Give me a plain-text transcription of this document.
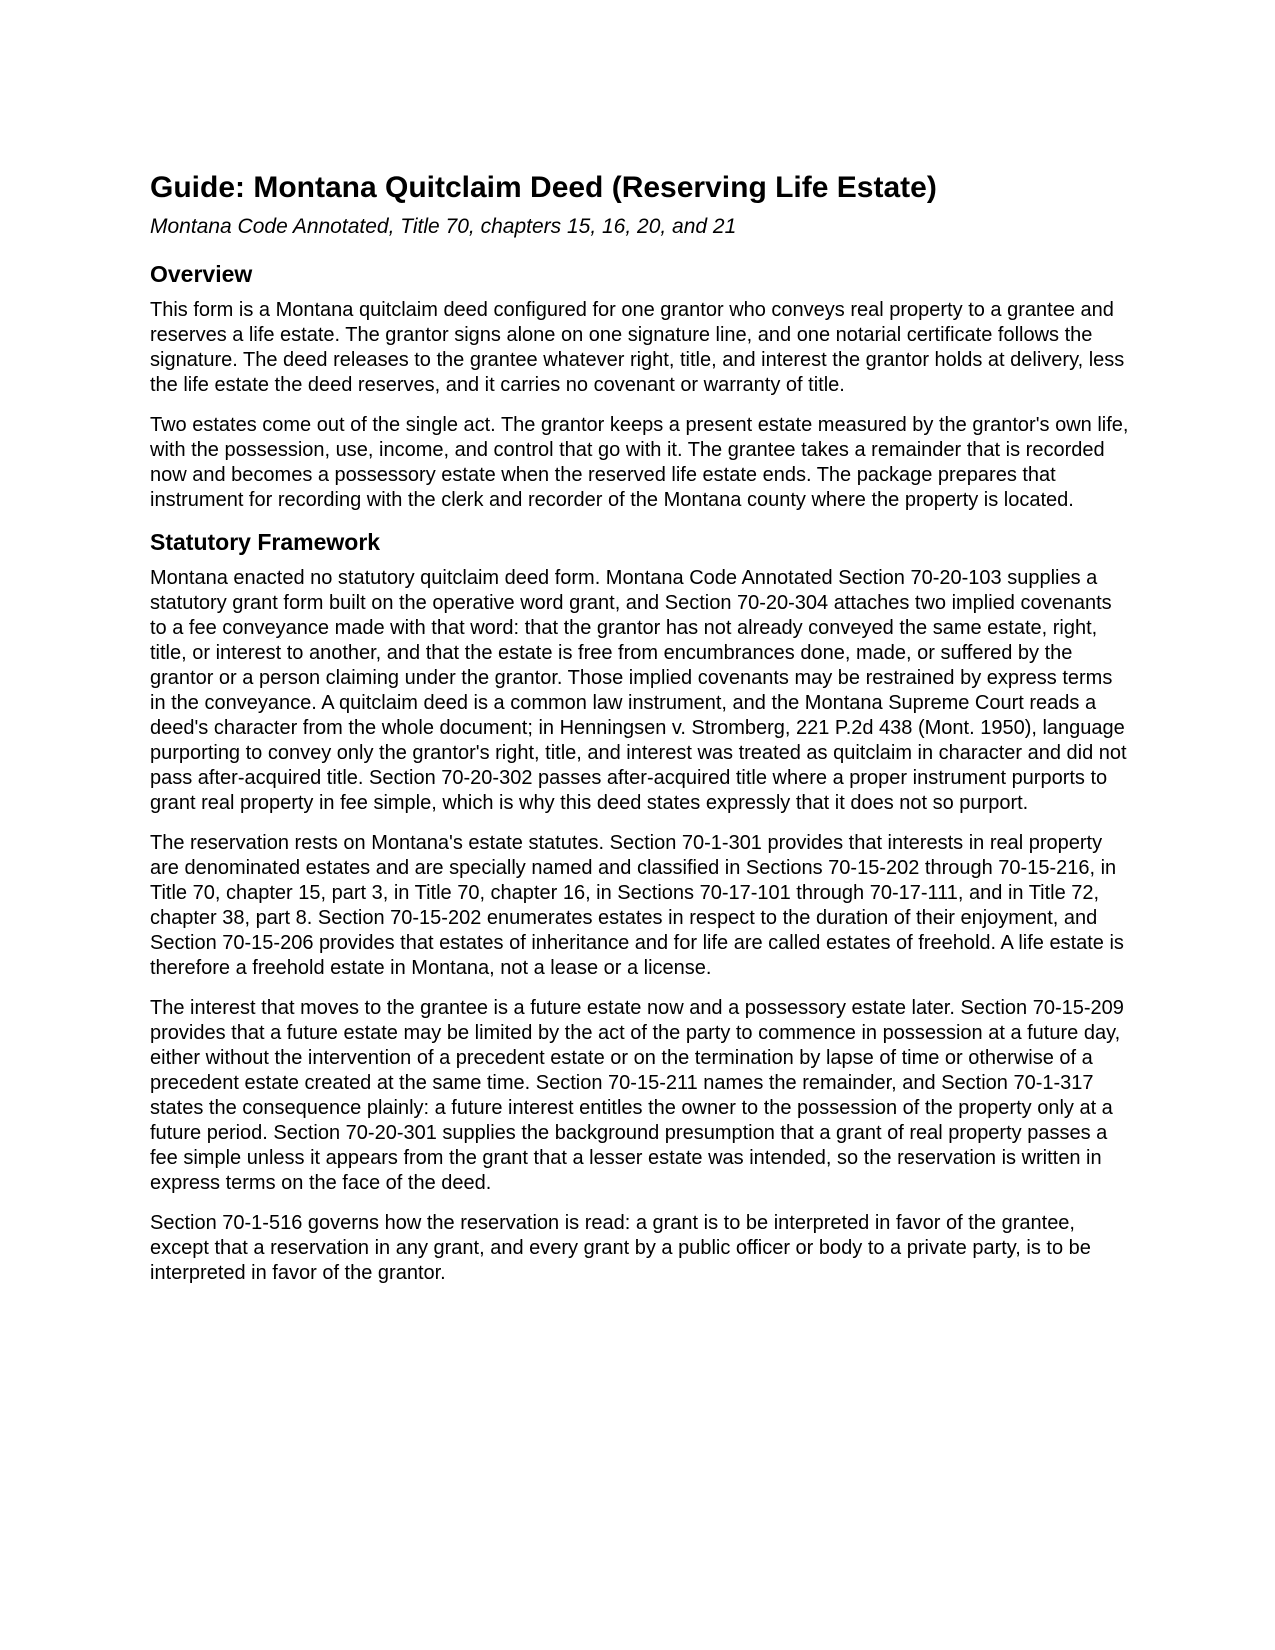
Guide: Montana Quitclaim Deed (Reserving Life Estate)
Montana Code Annotated, Title 70, chapters 15, 16, 20, and 21
Overview

This form is a Montana quitclaim deed configured for one grantor who conveys real property to a grantee and reserves a life estate. The grantor signs alone on one signature line, and one notarial certificate follows the signature. The deed releases to the grantee whatever right, title, and interest the grantor holds at delivery, less the life estate the deed reserves, and it carries no covenant or warranty of title.

Two estates come out of the single act. The grantor keeps a present estate measured by the grantor's own life, with the possession, use, income, and control that go with it. The grantee takes a remainder that is recorded now and becomes a possessory estate when the reserved life estate ends. The package prepares that instrument for recording with the clerk and recorder of the Montana county where the property is located.

Statutory Framework

Montana enacted no statutory quitclaim deed form. Montana Code Annotated Section 70-20-103 supplies a statutory grant form built on the operative word grant, and Section 70-20-304 attaches two implied covenants to a fee conveyance made with that word: that the grantor has not already conveyed the same estate, right, title, or interest to another, and that the estate is free from encumbrances done, made, or suffered by the grantor or a person claiming under the grantor. Those implied covenants may be restrained by express terms in the conveyance. A quitclaim deed is a common law instrument, and the Montana Supreme Court reads a deed's character from the whole document; in Henningsen v. Stromberg, 221 P.2d 438 (Mont. 1950), language purporting to convey only the grantor's right, title, and interest was treated as quitclaim in character and did not pass after-acquired title. Section 70-20-302 passes after-acquired title where a proper instrument purports to grant real property in fee simple, which is why this deed states expressly that it does not so purport.

The reservation rests on Montana's estate statutes. Section 70-1-301 provides that interests in real property are denominated estates and are specially named and classified in Sections 70-15-202 through 70-15-216, in Title 70, chapter 15, part 3, in Title 70, chapter 16, in Sections 70-17-101 through 70-17-111, and in Title 72, chapter 38, part 8. Section 70-15-202 enumerates estates in respect to the duration of their enjoyment, and Section 70-15-206 provides that estates of inheritance and for life are called estates of freehold. A life estate is therefore a freehold estate in Montana, not a lease or a license.

The interest that moves to the grantee is a future estate now and a possessory estate later. Section 70-15-209 provides that a future estate may be limited by the act of the party to commence in possession at a future day, either without the intervention of a precedent estate or on the termination by lapse of time or otherwise of a precedent estate created at the same time. Section 70-15-211 names the remainder, and Section 70-1-317 states the consequence plainly: a future interest entitles the owner to the possession of the property only at a future period. Section 70-20-301 supplies the background presumption that a grant of real property passes a fee simple unless it appears from the grant that a lesser estate was intended, so the reservation is written in express terms on the face of the deed.

Section 70-1-516 governs how the reservation is read: a grant is to be interpreted in favor of the grantee, except that a reservation in any grant, and every grant by a public officer or body to a private party, is to be interpreted in favor of the grantor.
